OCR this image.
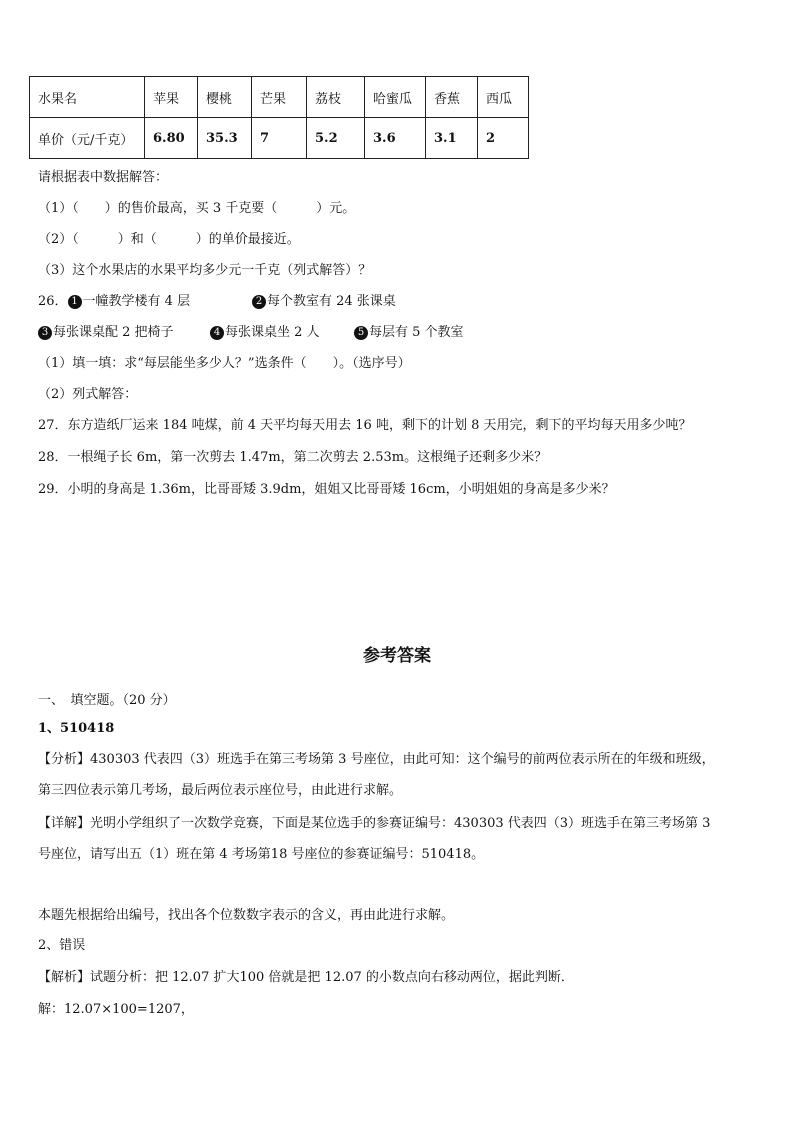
水果名	苹果	樱桃	芒果	荔枝	哈蜜瓜	香蕉	西瓜
单价（元/千克）	6.80	35.3	7	5.2	3.6	3.1	2
请根据表中数据解答：
（1）（　　）的售价最高，买 3 千克要（　　　）元。
（2）（　　　）和（　　　）的单价最接近。
（3）这个水果店的水果平均多少元一千克（列式解答）？
26． 1 一幢教学楼有 4 层	2 每个教室有 24 张课桌
3 每张课桌配 2 把椅子	4 每张课桌坐 2 人	5 每层有 5 个教室
（1）填一填：求“每层能坐多少人？”选条件（　　）。（选序号）
（2）列式解答：
27．东方造纸厂运来 184 吨煤，前 4 天平均每天用去 16 吨，剩下的计划 8 天用完，剩下的平均每天用多少吨？
28．一根绳子长 6m，第一次剪去 1.47m，第二次剪去 2.53m。这根绳子还剩多少米？
29．小明的身高是 1.36m，比哥哥矮 3.9dm，姐姐又比哥哥矮 16cm，小明姐姐的身高是多少米？
参考答案
一、　填空题。（20 分）
1、510418
【分析】430303 代表四（3）班选手在第三考场第 3 号座位，由此可知：这个编号的前两位表示所在的年级和班级，
第三四位表示第几考场，最后两位表示座位号，由此进行求解。
【详解】光明小学组织了一次数学竞赛，下面是某位选手的参赛证编号：430303 代表四（3）班选手在第三考场第 3
号座位，请写出五（1）班在第 4 考场第18 号座位的参赛证编号：510418。
本题先根据给出编号，找出各个位数数字表示的含义，再由此进行求解。
2、错误
【解析】试题分析：把 12.07 扩大100 倍就是把 12.07 的小数点向右移动两位，据此判断．
解：12.07×100=1207，
